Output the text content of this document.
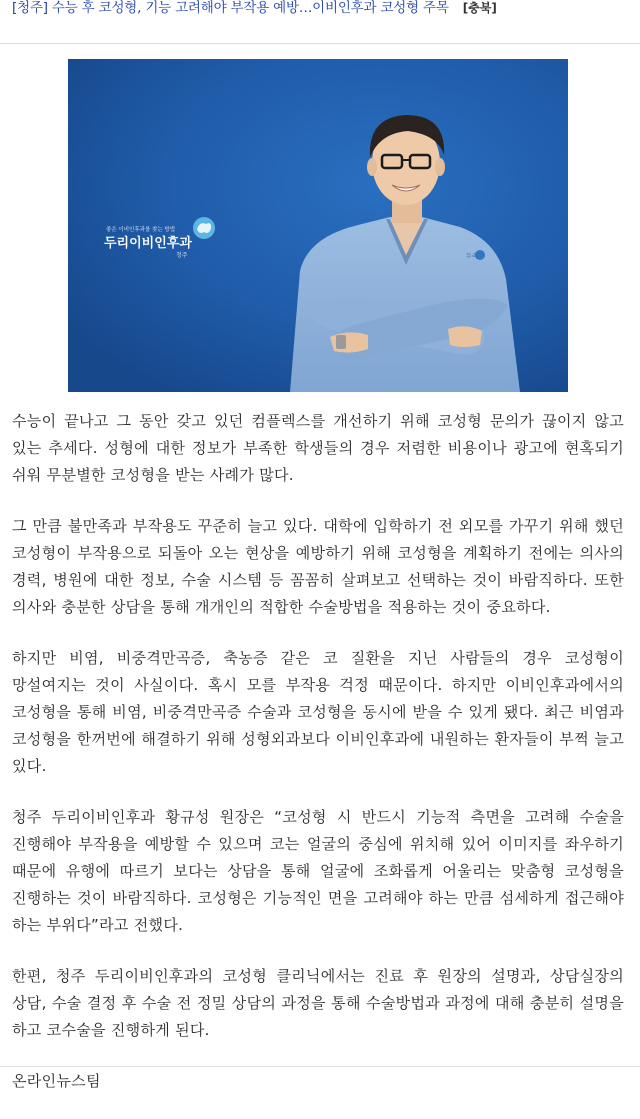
[청주] 수능 후 코성형, 기능 고려해야 부작용 예방…이비인후과 코성형 주목 [충북]
두리
좋은 이비인후과를 찾는 방법
두리이비인후과
청주

수능이 끝나고 그 동안 갖고 있던 컴플렉스를 개선하기 위해 코성형 문의가 끊이지 않고 있는 추세다. 성형에 대한 정보가 부족한 학생들의 경우 저렴한 비용이나 광고에 현혹되기 쉬워 무분별한 코성형을 받는 사례가 많다.

그 만큼 불만족과 부작용도 꾸준히 늘고 있다. 대학에 입학하기 전 외모를 가꾸기 위해 했던 코성형이 부작용으로 되돌아 오는 현상을 예방하기 위해 코성형을 계획하기 전에는 의사의 경력, 병원에 대한 정보, 수술 시스템 등 꼼꼼히 살펴보고 선택하는 것이 바람직하다. 또한 의사와 충분한 상담을 통해 개개인의 적합한 수술방법을 적용하는 것이 중요하다.

하지만 비염, 비중격만곡증, 축농증 같은 코 질환을 지닌 사람들의 경우 코성형이 망설여지는 것이 사실이다. 혹시 모를 부작용 걱정 때문이다. 하지만 이비인후과에서의 코성형을 통해 비염, 비중격만곡증 수술과 코성형을 동시에 받을 수 있게 됐다. 최근 비염과 코성형을 한꺼번에 해결하기 위해 성형외과보다 이비인후과에 내원하는 환자들이 부쩍 늘고 있다.

청주 두리이비인후과 황규성 원장은 “코성형 시 반드시 기능적 측면을 고려해 수술을 진행해야 부작용을 예방할 수 있으며 코는 얼굴의 중심에 위치해 있어 이미지를 좌우하기 때문에 유행에 따르기 보다는 상담을 통해 얼굴에 조화롭게 어울리는 맞춤형 코성형을 진행하는 것이 바람직하다. 코성형은 기능적인 면을 고려해야 하는 만큼 섬세하게 접근해야 하는 부위다”라고 전했다.

한편, 청주 두리이비인후과의 코성형 클리닉에서는 진료 후 원장의 설명과, 상담실장의 상담, 수술 결정 후 수술 전 정밀 상담의 과정을 통해 수술방법과 과정에 대해 충분히 설명을 하고 코수술을 진행하게 된다.

온라인뉴스팀
